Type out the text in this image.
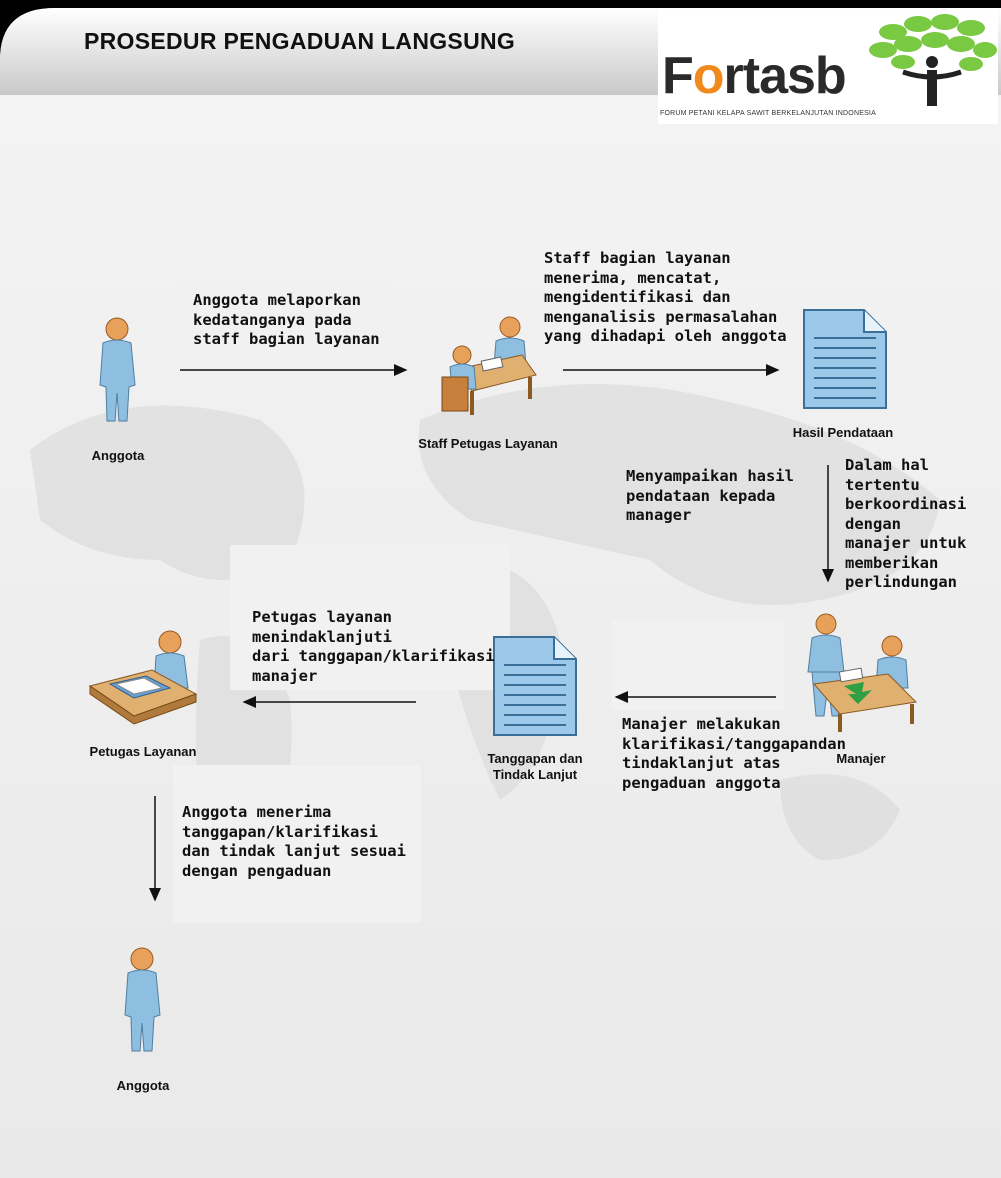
PROSEDUR PENGADUAN LANGSUNG
Fortasb
FORUM PETANI KELAPA SAWIT BERKELANJUTAN INDONESIA
Anggota
Staff Petugas Layanan
Hasil Pendataan
Manajer
Tanggapan dan
Tindak Lanjut
Petugas Layanan
Anggota
Anggota melaporkan
kedatanganya pada
staff bagian layanan
Staff bagian layanan
menerima, mencatat,
mengidentifikasi dan
menganalisis permasalahan
yang dihadapi oleh anggota
Menyampaikan hasil
pendataan kepada
manager
Dalam hal
tertentu
berkoordinasi
dengan
manajer untuk
memberikan
perlindungan
Manajer melakukan
klarifikasi/tanggapandan
tindaklanjut atas
pengaduan anggota
Petugas layanan
menindaklanjuti
dari tanggapan/klarifikasi
manajer
Anggota menerima
tanggapan/klarifikasi
dan tindak lanjut sesuai
dengan pengaduan
